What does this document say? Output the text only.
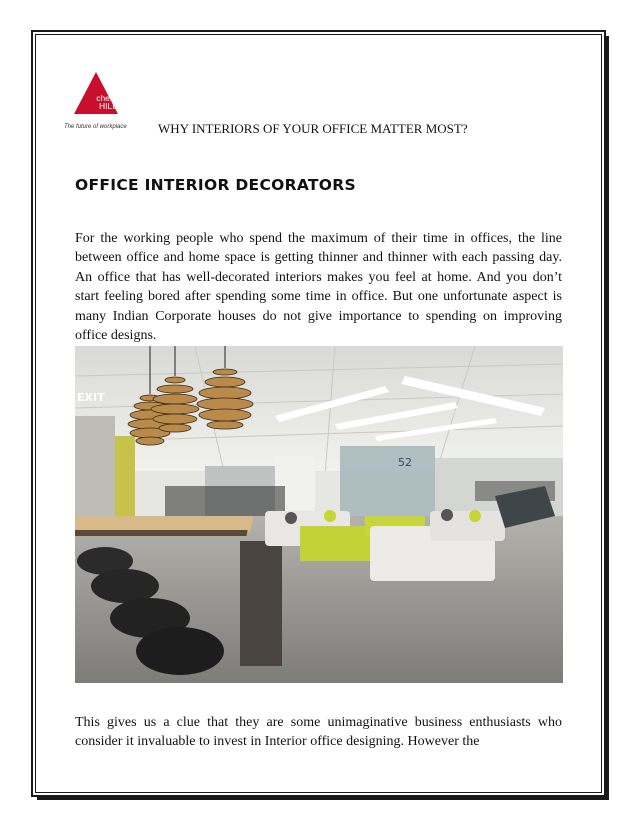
cherry HILL
The future of workplace	WHY INTERIORS OF YOUR OFFICE MATTER MOST?
OFFICE INTERIOR DECORATORS

For the working people who spend the maximum of their time in offices, the line between office and home space is getting thinner and thinner with each passing day. An office that has well-decorated interiors makes you feel at home. And you don’t start feeling bored after spending some time in office. But one unfortunate aspect is many Indian Corporate houses do not give importance to spending on improving office designs.

EXIT
52

This gives us a clue that they are some unimaginative business enthusiasts who consider it invaluable to invest in Interior office designing. However the
